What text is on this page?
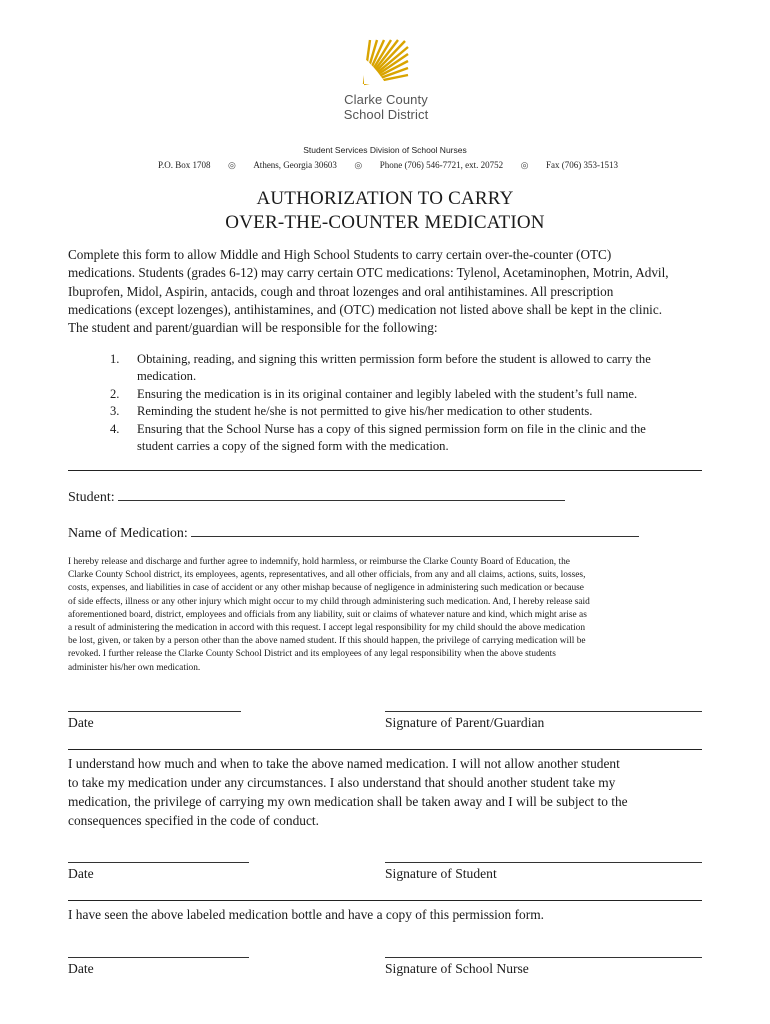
Clarke County
School District
Student Services Division of School Nurses
P.O. Box 1708 ◎ Athens, Georgia 30603 ◎ Phone (706) 546-7721, ext. 20752 ◎ Fax (706) 353-1513
AUTHORIZATION TO CARRY
OVER-THE-COUNTER MEDICATION
Complete this form to allow Middle and High School Students to carry certain over-the-counter (OTC)
medications. Students (grades 6-12) may carry certain OTC medications: Tylenol, Acetaminophen, Motrin, Advil,
Ibuprofen, Midol, Aspirin, antacids, cough and throat lozenges and oral antihistamines. All prescription
medications (except lozenges), antihistamines, and (OTC) medication not listed above shall be kept in the clinic.
The student and parent/guardian will be responsible for the following:
1.	Obtaining, reading, and signing this written permission form before the student is allowed to carry the
medication.
2.	Ensuring the medication is in its original container and legibly labeled with the student’s full name.
3.	Reminding the student he/she is not permitted to give his/her medication to other students.
4.	Ensuring that the School Nurse has a copy of this signed permission form on file in the clinic and the
student carries a copy of the signed form with the medication.
Student:
Name of Medication:
I hereby release and discharge and further agree to indemnify, hold harmless, or reimburse the Clarke County Board of Education, the
Clarke County School district, its employees, agents, representatives, and all other officials, from any and all claims, actions, suits, losses,
costs, expenses, and liabilities in case of accident or any other mishap because of negligence in administering such medication or because
of side effects, illness or any other injury which might occur to my child through administering such medication. And, I hereby release said
aforementioned board, district, employees and officials from any liability, suit or claims of whatever nature and kind, which might arise as
a result of administering the medication in accord with this request. I accept legal responsibility for my child should the above medication
be lost, given, or taken by a person other than the above named student. If this should happen, the privilege of carrying medication will be
revoked. I further release the Clarke County School District and its employees of any legal responsibility when the above students
administer his/her own medication.
Date	Signature of Parent/Guardian
I understand how much and when to take the above named medication. I will not allow another student
to take my medication under any circumstances. I also understand that should another student take my
medication, the privilege of carrying my own medication shall be taken away and I will be subject to the
consequences specified in the code of conduct.
Date	Signature of Student
I have seen the above labeled medication bottle and have a copy of this permission form.
Date	Signature of School Nurse
